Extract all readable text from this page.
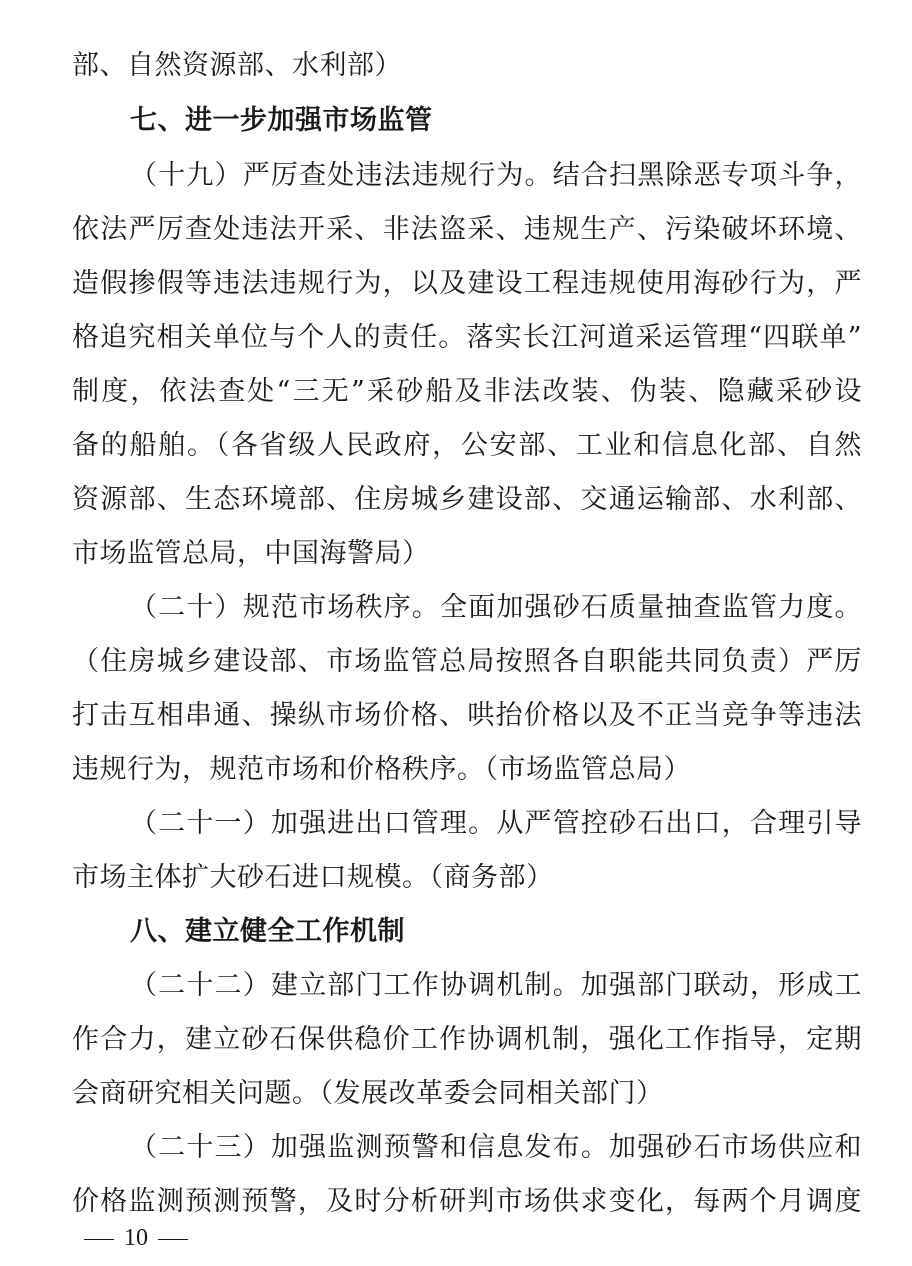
部、自然资源部、水利部）
七、进一步加强市场监管
（十九）严厉查处违法违规行为。结合扫黑除恶专项斗争，
依法严厉查处违法开采、非法盗采、违规生产、污染破坏环境、
造假掺假等违法违规行为，以及建设工程违规使用海砂行为，严
格追究相关单位与个人的责任。落实长江河道采运管理“四联单”
制度，依法查处“三无”采砂船及非法改装、伪装、隐藏采砂设
备的船舶。（各省级人民政府，公安部、工业和信息化部、自然
资源部、生态环境部、住房城乡建设部、交通运输部、水利部、
市场监管总局，中国海警局）
（二十）规范市场秩序。全面加强砂石质量抽查监管力度。
（住房城乡建设部、市场监管总局按照各自职能共同负责）严厉
打击互相串通、操纵市场价格、哄抬价格以及不正当竞争等违法
违规行为，规范市场和价格秩序。（市场监管总局）
（二十一）加强进出口管理。从严管控砂石出口，合理引导
市场主体扩大砂石进口规模。（商务部）
八、建立健全工作机制
（二十二）建立部门工作协调机制。加强部门联动，形成工
作合力，建立砂石保供稳价工作协调机制，强化工作指导，定期
会商研究相关问题。（发展改革委会同相关部门）
（二十三）加强监测预警和信息发布。加强砂石市场供应和
价格监测预测预警，及时分析研判市场供求变化，每两个月调度
10
